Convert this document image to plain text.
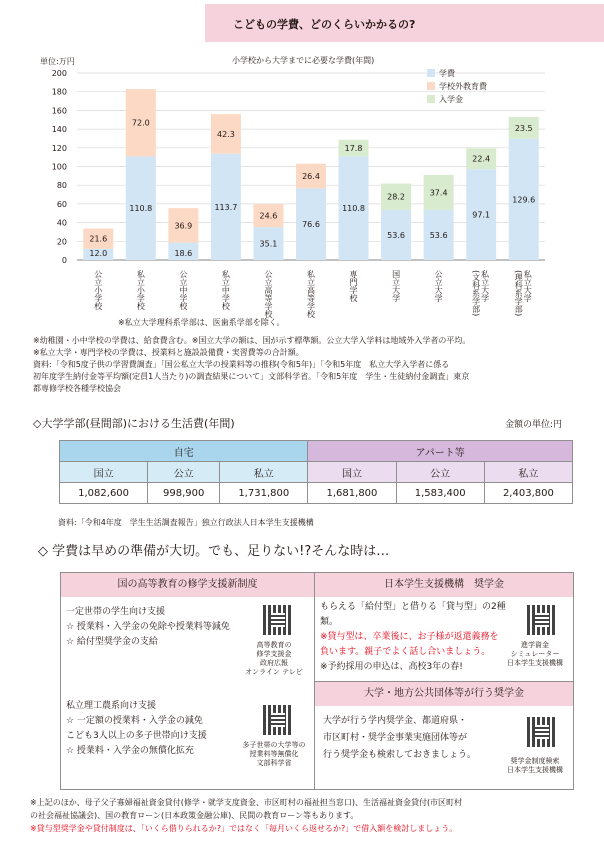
こどもの学費、どのくらいかかるの?
単位:万円	小学校から大学までに必要な学費(年間)
0
20
40
60
80
100
120
140
160
180
200
12.0
21.6
公立小学校
110.8
72.0
私立小学校
18.6
36.9
公立中学校
113.7
42.3
私立中学校
35.1
24.6
公立高等学校
76.6
26.4
私立高等学校
110.8
17.8
専門学校
53.6
28.2
国立大学
53.6
37.4
公立大学
97.1
22.4
私立大学(文科系学部)
129.6
23.5
私立大学(理科系学部)
学費
学校外教育費
入学金
※私立大学理科系学部は、医歯系学部を除く。
※幼稚園・小中学校の学費は、給食費含む。※国立大学の額は、国が示す標準額。公立大学入学料は地域外入学者の平均。
※私立大学・専門学校の学費は、授業料と施設設備費・実習費等の合計額。
資料:「令和5度子供の学習費調査」「国公私立大学の授業料等の推移(令和5年)」「令和5年度　私立大学入学者に係る
初年度学生納付金等平均額(定員1人当たり)の調査結果について」文部科学省。「令和5年度　学生・生徒納付金調査」東京
都専修学校各種学校協会
◇大学学部(昼間部)における生活費(年間)	金額の単位:円
自宅			アパート等		
国立	公立	私立	国立	公立	私立
1,082,600	998,900	1,731,800	1,681,800	1,583,400	2,403,800
資料:「令和4年度　学生生活調査報告」独立行政法人日本学生支援機構
◇ 学費は早めの準備が大切。でも、足りない!?そんな時は…
国の高等教育の修学支援新制度	日本学生支援機構　奨学金
一定世帯の学生向け支援
☆ 授業料・入学金の免除や授業料等減免
☆ 給付型奨学金の支給	高等教育の
修学支援金
政府広報
オンライン テレビ
私立理工農系向け支援
☆ 一定額の授業料・入学金の減免
こども3人以上の多子世帯向け支援
☆ 授業料・入学金の無償化拡充
多子世帯の大学等の
授業料等無償化
文部科学省
もらえる「給付型」と借りる「貸与型」の2種類。
※貸与型は、卒業後に、お子様が返還義務を
負います。親子でよく話し合いましょう。
※予約採用の申込は、高校3年の春!
進学資金
シミュレーター
日本学生支援機構
大学・地方公共団体等が行う奨学金
大学が行う学内奨学金、都道府県・
市区町村・奨学金事業実施団体等が
行う奨学金も検索しておきましょう。
奨学金制度検索
日本学生支援機構
※上記のほか、母子父子寡婦福祉資金貸付(修学・就学支度資金、市区町村の福祉担当窓口)、生活福祉資金貸付(市区町村
の社会福祉協議会)、国の教育ローン(日本政策金融公庫)、民間の教育ローン等もあります。
※貸与型奨学金や貸付制度は、「いくら借りられるか?」ではなく「毎月いくら返せるか?」で借入額を検討しましょう。
